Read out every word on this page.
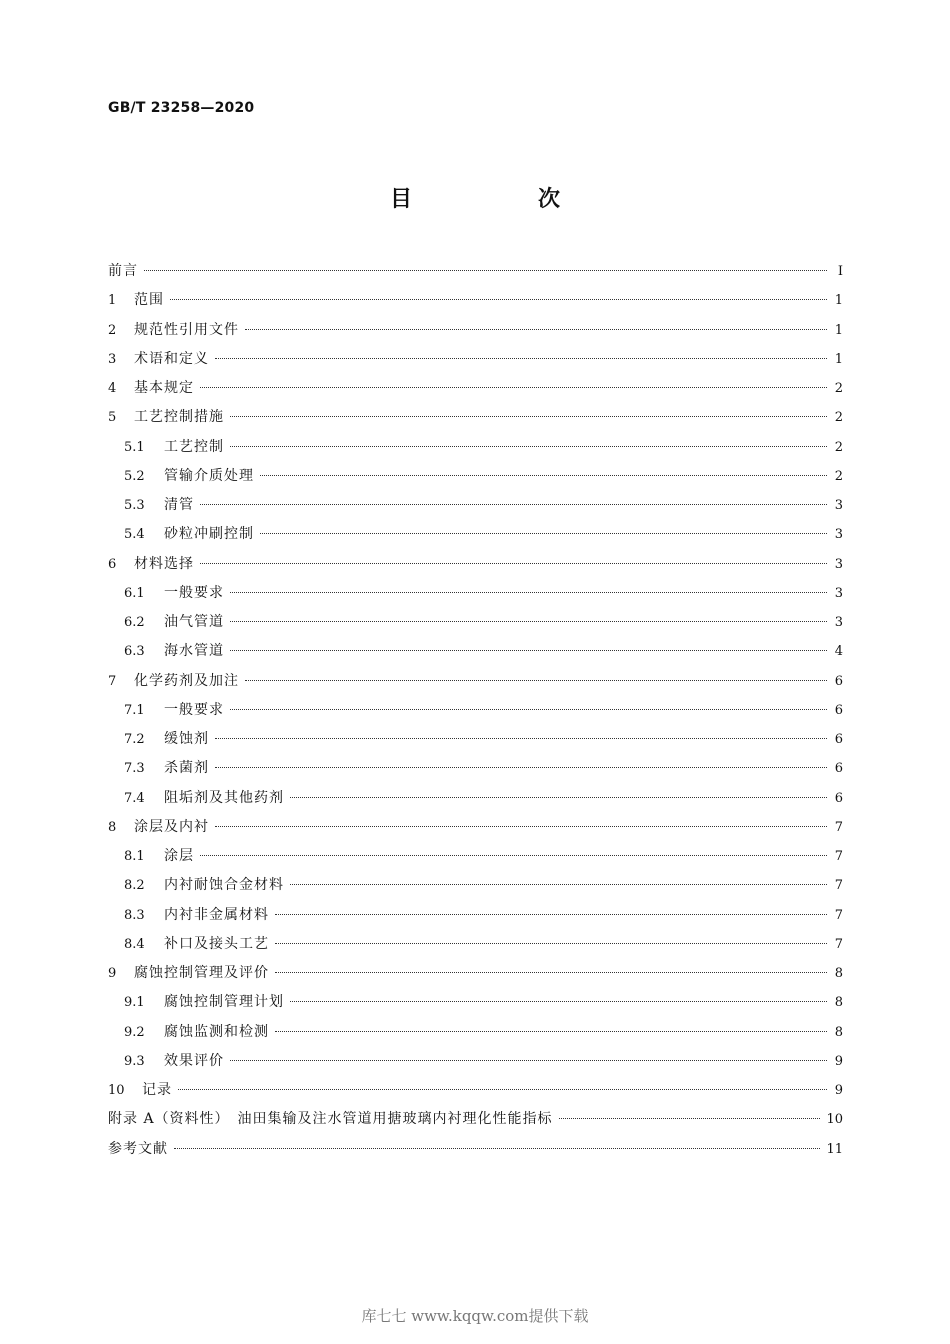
GB/T 23258—2020
目　次
前言	Ⅰ
1	范围	1
2	规范性引用文件	1
3	术语和定义	1
4	基本规定	2
5	工艺控制措施	2
5.1	工艺控制	2
5.2	管输介质处理	2
5.3	清管	3
5.4	砂粒冲刷控制	3
6	材料选择	3
6.1	一般要求	3
6.2	油气管道	3
6.3	海水管道	4
7	化学药剂及加注	6
7.1	一般要求	6
7.2	缓蚀剂	6
7.3	杀菌剂	6
7.4	阻垢剂及其他药剂	6
8	涂层及内衬	7
8.1	涂层	7
8.2	内衬耐蚀合金材料	7
8.3	内衬非金属材料	7
8.4	补口及接头工艺	7
9	腐蚀控制管理及评价	8
9.1	腐蚀控制管理计划	8
9.2	腐蚀监测和检测	8
9.3	效果评价	9
10	记录	9
附录 A（资料性）　油田集输及注水管道用搪玻璃内衬理化性能指标	10
参考文献	11
库七七 www.kqqw.com提供下载
